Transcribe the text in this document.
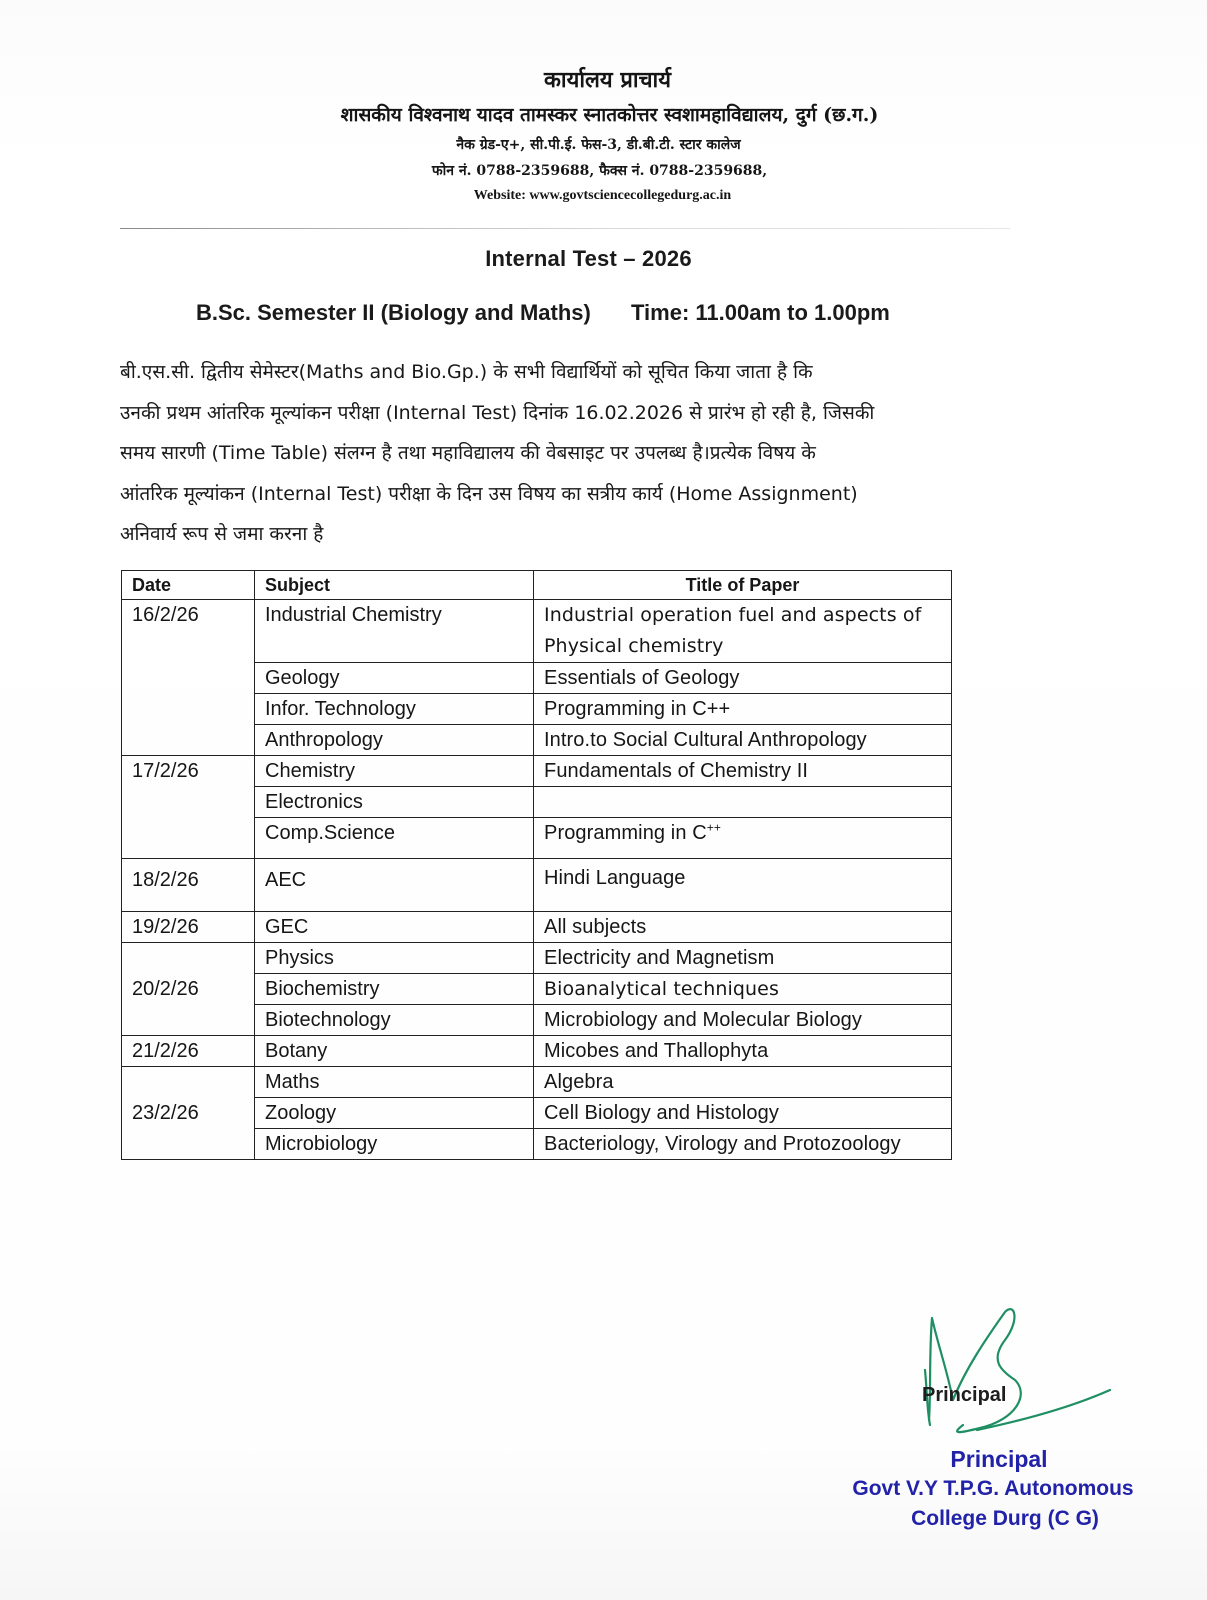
कार्यालय प्राचार्य
शासकीय विश्वनाथ यादव तामस्कर स्नातकोत्तर स्वशामहाविद्यालय, दुर्ग (छ.ग.)
नैक ग्रेड-ए+, सी.पी.ई. फेस-3, डी.बी.टी. स्टार कालेज
फोन नं. 0788-2359688, फैक्स नं. 0788-2359688,
Website: www.govtsciencecollegedurg.ac.in
Internal Test – 2026
B.Sc. Semester II (Biology and Maths) Time: 11.00am to 1.00pm

बी.एस.सी. द्वितीय सेमेस्टर(Maths and Bio.Gp.) के सभी विद्यार्थियों को सूचित किया जाता है कि

उनकी प्रथम आंतरिक मूल्यांकन परीक्षा (Internal Test) दिनांक 16.02.2026 से प्रारंभ हो रही है, जिसकी

समय सारणी (Time Table) संलग्न है तथा महाविद्यालय की वेबसाइट पर उपलब्ध है।प्रत्येक विषय के

आंतरिक मूल्यांकन (Internal Test) परीक्षा के दिन उस विषय का सत्रीय कार्य (Home Assignment)

अनिवार्य रूप से जमा करना है

Date	Subject	Title of Paper
16/2/26	Industrial Chemistry	Industrial operation fuel and aspects of Physical chemistry
	Geology	Essentials of Geology
	Infor. Technology	Programming in C++
	Anthropology	Intro.to Social Cultural Anthropology
17/2/26	Chemistry	Fundamentals of Chemistry II
	Electronics	
	Comp.Science	Programming in C++
18/2/26	AEC	Hindi Language
19/2/26	GEC	All subjects
20/2/26	Physics	Electricity and Magnetism
	Biochemistry	Bioanalytical techniques
	Biotechnology	Microbiology and Molecular Biology
21/2/26	Botany	Micobes and Thallophyta
23/2/26	Maths	Algebra
	Zoology	Cell Biology and Histology
	Microbiology	Bacteriology, Virology and Protozoology
Principal
Principal
Govt V.Y T.P.G. Autonomous
College Durg (C G)
